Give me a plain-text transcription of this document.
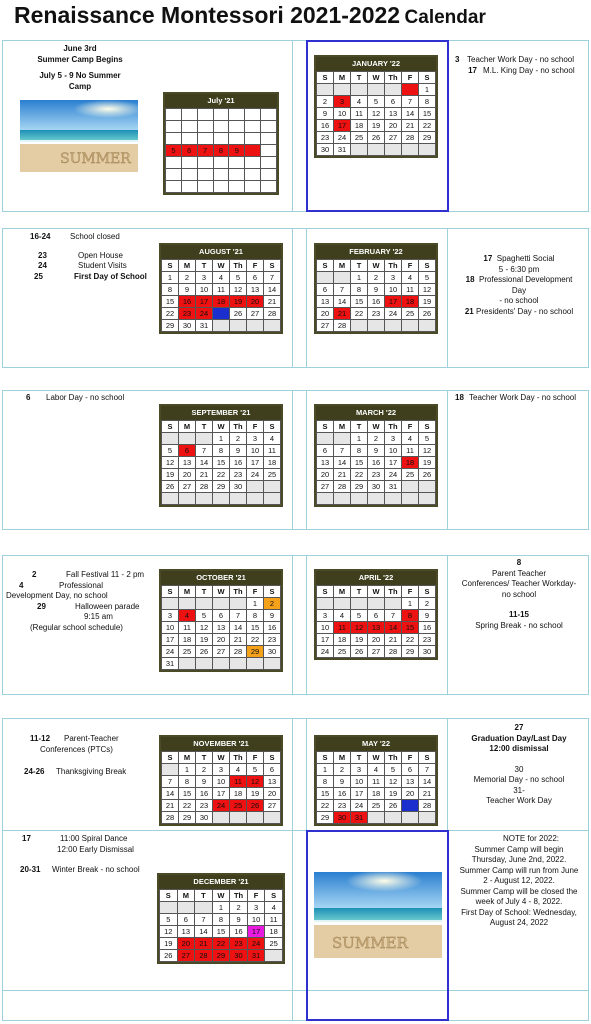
Renaissance Montessori 2021-2022 Calendar
June 3rd
Summer Camp Begins
July 5 - 9 No Summer
Camp
SUMMER
SUMMER
3 Teacher Work Day - no school
17 M.L. King Day - no school
16-24	School closed
23	Open House
24	Student Visits
25	First Day of School
17 Spaghetti Social
5 - 6:30 pm
18 Professional Development
Day
- no school
21 Presidents' Day - no school
6	Labor Day - no school	18 Teacher Work Day - no school
2	Fall Festival 11 - 2 pm
4	Professional
Development Day, no school
29	Halloween parade
9:15 am
(Regular school schedule)
8
Parent Teacher
Conferences/ Teacher Workday-
no school
11-15
Spring Break - no school
11-12	Parent-Teacher
Conferences (PTCs)
24-26	Thanksgiving Break
27
Graduation Day/Last Day
12:00 dismissal
30
Memorial Day - no school
31-
Teacher Work Day
17	11:00 Spiral Dance
12:00 Early Dismissal
20-31	Winter Break - no school
NOTE for 2022:
Summer Camp will begin
Thursday, June 2nd, 2022.
Summer Camp will run from June
2 - August 12, 2022.
Summer Camp will be closed the
week of July 4 - 8, 2022.
First Day of School: Wednesday,
August 24, 2022
July '21

5	6	7	8	9		

JANUARY '22
S	M	T	W	Th	F	S
						1
2	3	4	5	6	7	8
9	10	11	12	13	14	15
16	17	18	19	20	21	22
23	24	25	26	27	28	29
30	31					
AUGUST '21
S	M	T	W	Th	F	S
1	2	3	4	5	6	7
8	9	10	11	12	13	14
15	16	17	18	19	20	21
22	23	24		26	27	28
29	30	31				
FEBRUARY '22
S	M	T	W	Th	F	S
		1	2	3	4	5
6	7	8	9	10	11	12
13	14	15	16	17	18	19
20	21	22	23	24	25	26
27	28					
SEPTEMBER '21
S	M	T	W	Th	F	S
			1	2	3	4
5	6	7	8	9	10	11
12	13	14	15	16	17	18
19	20	21	22	23	24	25
26	27	28	29	30		

MARCH '22
S	M	T	W	Th	F	S
		1	2	3	4	5
6	7	8	9	10	11	12
13	14	15	16	17	18	19
20	21	22	23	24	25	26
27	28	29	30	31		

OCTOBER '21
S	M	T	W	Th	F	S
					1	2
3	4	5	6	7	8	9
10	11	12	13	14	15	16
17	18	19	20	21	22	23
24	25	26	27	28	29	30
31						
APRIL '22
S	M	T	W	Th	F	S
					1	2
3	4	5	6	7	8	9
10	11	12	13	14	15	16
17	18	19	20	21	22	23
24	25	26	27	28	29	30
NOVEMBER '21
S	M	T	W	Th	F	S
	1	2	3	4	5	6
7	8	9	10	11	12	13
14	15	16	17	18	19	20
21	22	23	24	25	26	27
28	29	30				
MAY '22
S	M	T	W	Th	F	S
1	2	3	4	5	6	7
8	9	10	11	12	13	14
15	16	17	18	19	20	21
22	23	24	25	26		28
29	30	31				
DECEMBER '21
S	M	T	W	Th	F	S
			1	2	3	4
5	6	7	8	9	10	11
12	13	14	15	16	17	18
19	20	21	22	23	24	25
26	27	28	29	30	31	
